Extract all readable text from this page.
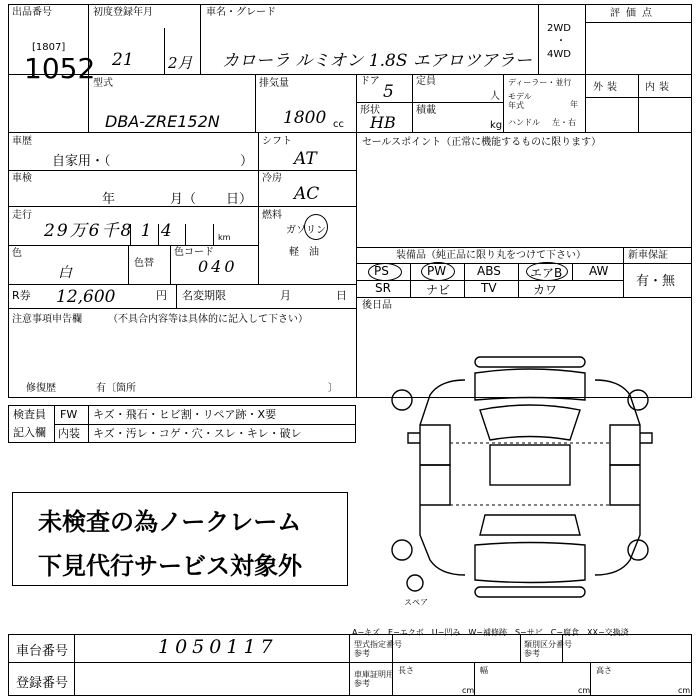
出品番号
[1807]
1052
初度登録年月
21 2月
車名・グレード
カローラ ルミオン 1.8S エアロツアラー
2WD
・
4WD
評価点
型式
DBA-ZRE152N
排気量
1800 cc
ドア
5
形状
HB
定員
人
積載
kg
ディーラー・並行
モデル
年式	年
ハンドル 左・右
外装 内装
車歴
自家用・（	）
シフト
AT
車検
年	月（ 日）
冷房
AC
走行
29万6千8 1 4	km
燃料
ガソリン
軽　油
色
白
色替
色コード
040
R券 12,600	円 名変期限	月	日
セールスポイント（正常に機能するものに限ります）
装備品（純正品に限り丸をつけて下さい）	新車保証
有・無
PS	PW	ABS エアB AW
SR	ナビ	TV	カワ
後日品
注意事項申告欄	（不具合内容等は具体的に記入して下さい）
修復歴	有〔箇所	〕
検査員
記入欄
FW キズ・飛石・ヒビ割・リペア跡・X要
内装 キズ・汚レ・コゲ・穴・スレ・キレ・破レ
未検査の為ノークレーム
下見代行サービス対象外
スペア
A−キズ　E−エクボ　U−凹み　W−補修跡　S−サビ　C−腐食　XX−交換済
車台番号	1050117
登録番号
型式指定番号
参考
類別区分番号
参考
車庫証明用
参考
長さ
cm
幅
cm
高さ
cm
